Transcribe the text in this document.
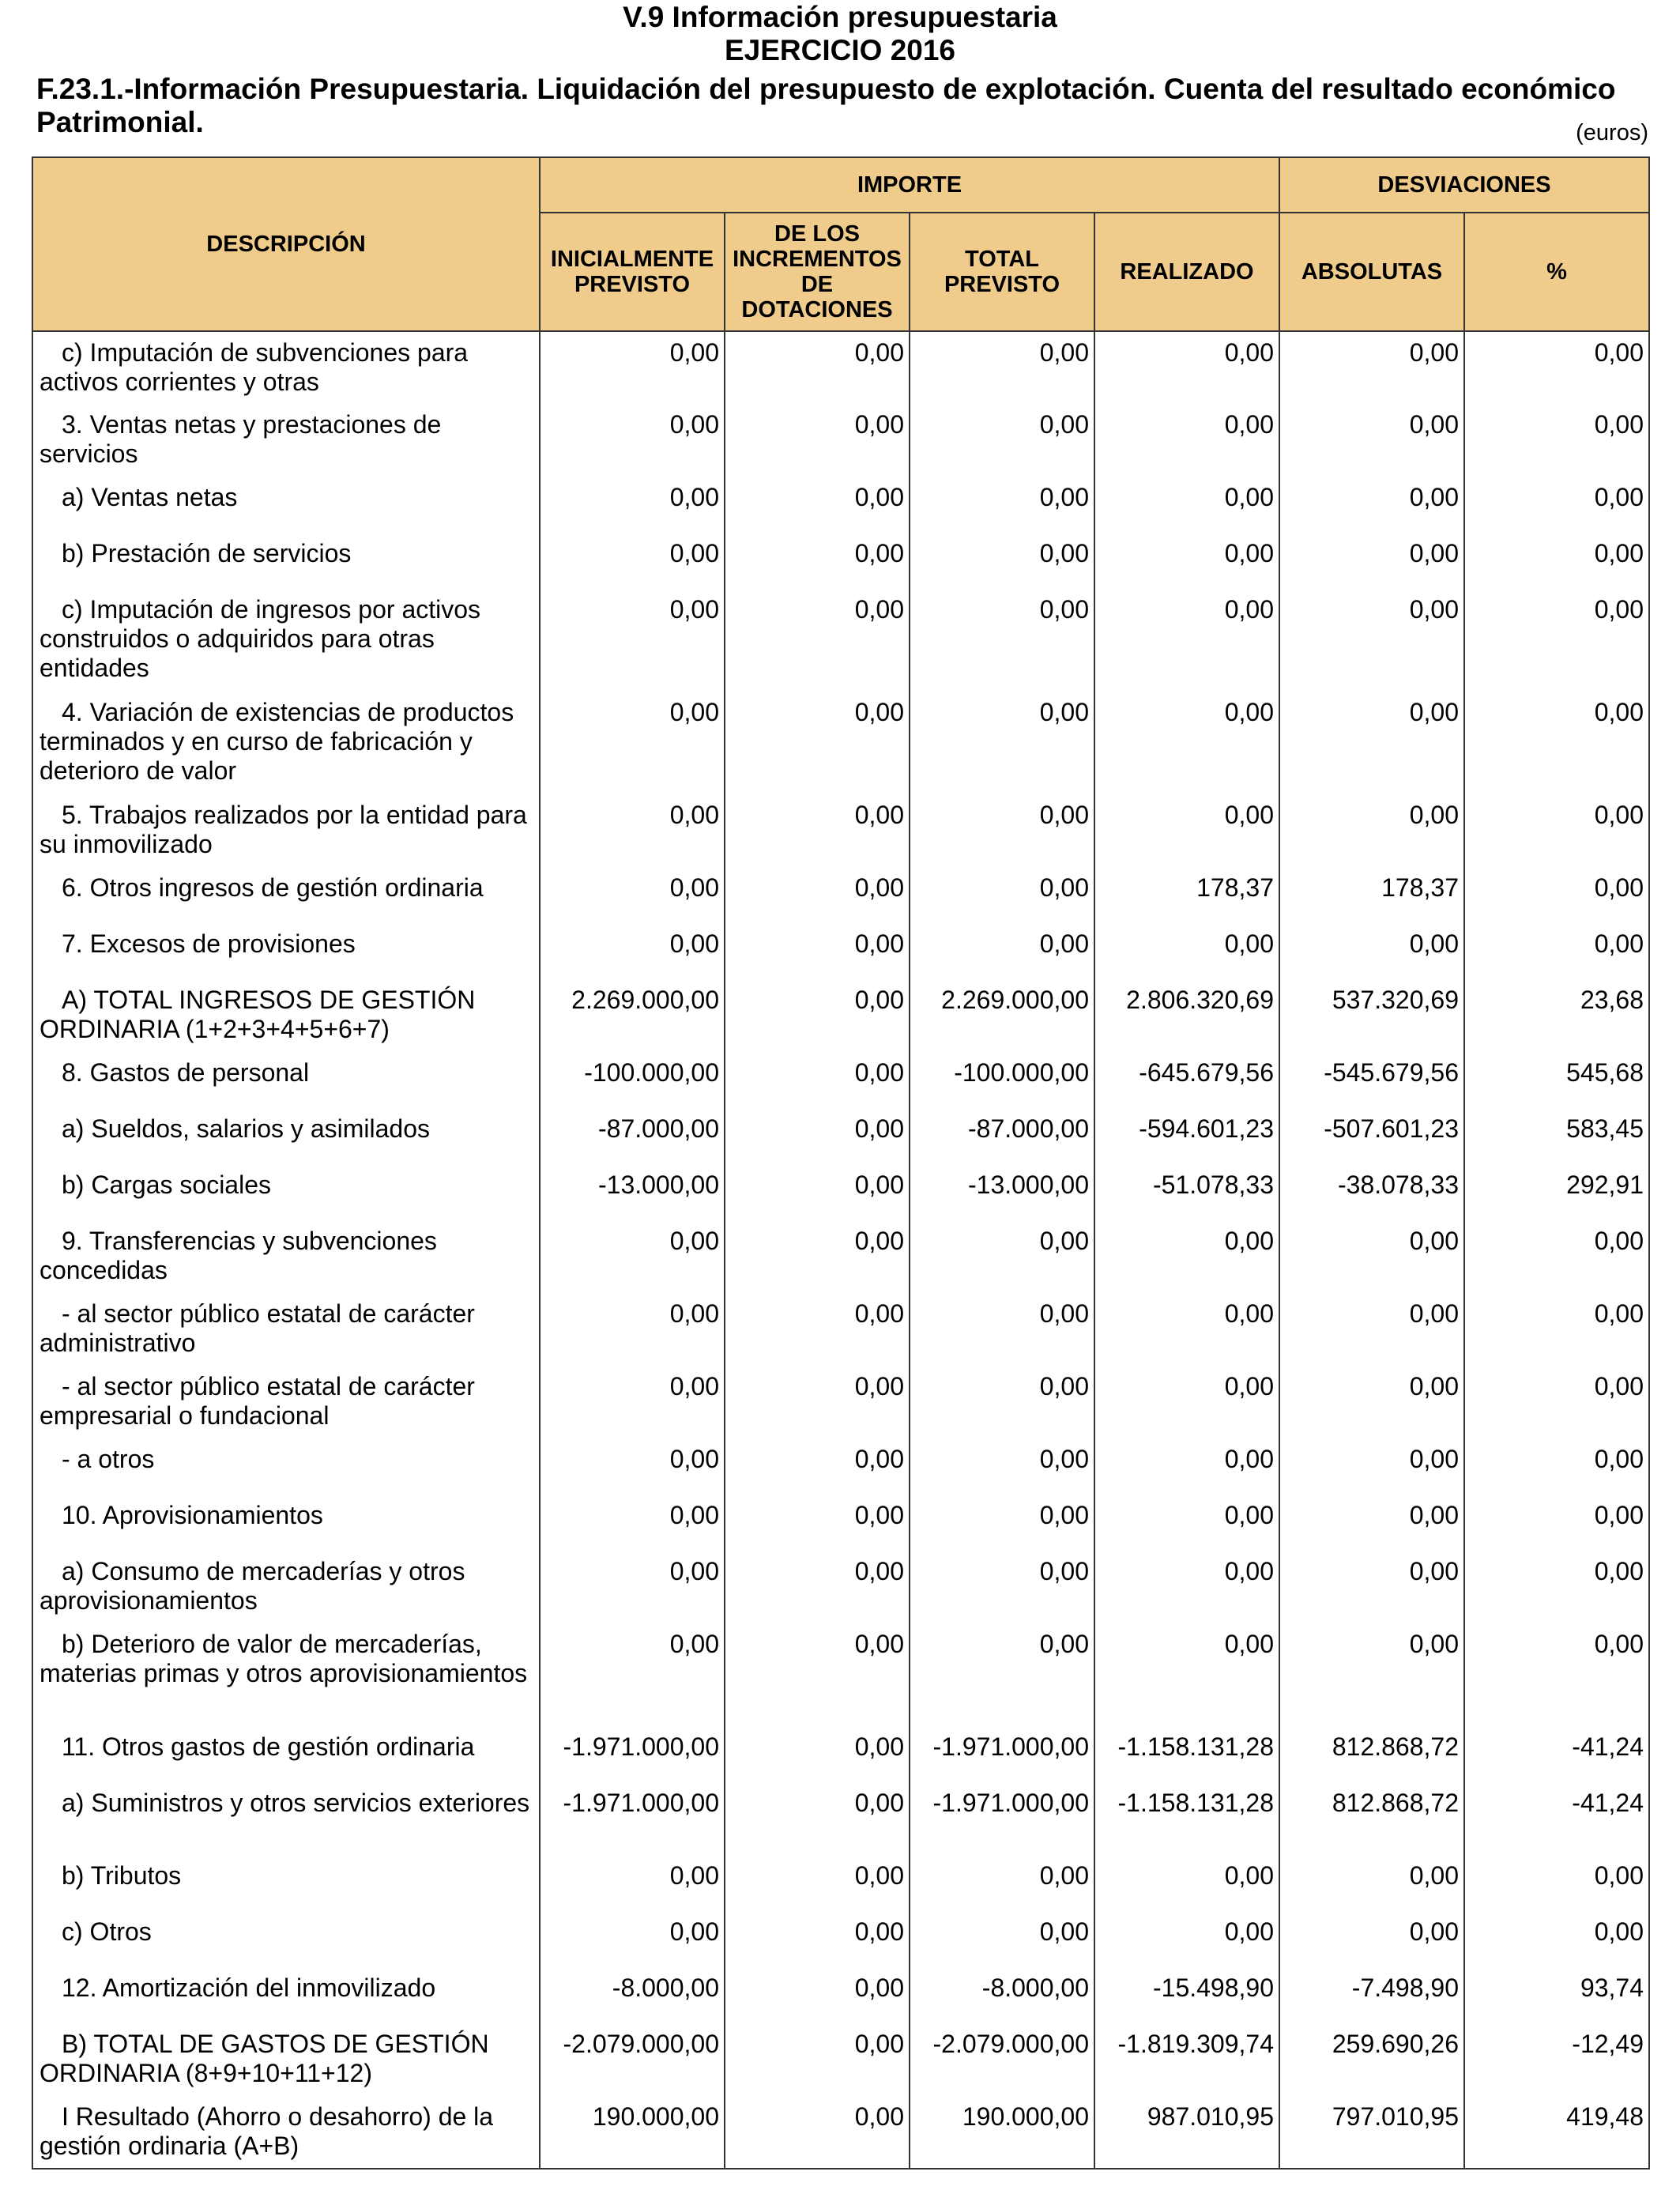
V.9 Información presupuestaria
EJERCICIO 2016
F.23.1.-Información Presupuestaria. Liquidación del presupuesto de explotación. Cuenta del resultado económico Patrimonial.	(euros)
DESCRIPCIÓN	IMPORTE				DESVIACIONES	
	INICIALMENTE PREVISTO	DE LOS INCREMENTOS DE DOTACIONES	TOTAL PREVISTO	REALIZADO	ABSOLUTAS	%
c) Imputación de subvenciones para activos corrientes y otras	0,00	0,00	0,00	0,00	0,00	0,00
3. Ventas netas y prestaciones de servicios	0,00	0,00	0,00	0,00	0,00	0,00
a) Ventas netas	0,00	0,00	0,00	0,00	0,00	0,00
b) Prestación de servicios	0,00	0,00	0,00	0,00	0,00	0,00
c) Imputación de ingresos por activos construidos o adquiridos para otras entidades	0,00	0,00	0,00	0,00	0,00	0,00
4. Variación de existencias de productos terminados y en curso de fabricación y deterioro de valor	0,00	0,00	0,00	0,00	0,00	0,00
5. Trabajos realizados por la entidad para su inmovilizado	0,00	0,00	0,00	0,00	0,00	0,00
6. Otros ingresos de gestión ordinaria	0,00	0,00	0,00	178,37	178,37	0,00
7. Excesos de provisiones	0,00	0,00	0,00	0,00	0,00	0,00
A) TOTAL INGRESOS DE GESTIÓN ORDINARIA (1+2+3+4+5+6+7)	2.269.000,00	0,00	2.269.000,00	2.806.320,69	537.320,69	23,68
8. Gastos de personal	-100.000,00	0,00	-100.000,00	-645.679,56	-545.679,56	545,68
a) Sueldos, salarios y asimilados	-87.000,00	0,00	-87.000,00	-594.601,23	-507.601,23	583,45
b) Cargas sociales	-13.000,00	0,00	-13.000,00	-51.078,33	-38.078,33	292,91
9. Transferencias y subvenciones concedidas	0,00	0,00	0,00	0,00	0,00	0,00
- al sector público estatal de carácter administrativo	0,00	0,00	0,00	0,00	0,00	0,00
- al sector público estatal de carácter empresarial o fundacional	0,00	0,00	0,00	0,00	0,00	0,00
- a otros	0,00	0,00	0,00	0,00	0,00	0,00
10. Aprovisionamientos	0,00	0,00	0,00	0,00	0,00	0,00
a) Consumo de mercaderías y otros aprovisionamientos	0,00	0,00	0,00	0,00	0,00	0,00
b) Deterioro de valor de mercaderías, materias primas y otros aprovisionamientos	0,00	0,00	0,00	0,00	0,00	0,00
11. Otros gastos de gestión ordinaria	-1.971.000,00	0,00	-1.971.000,00	-1.158.131,28	812.868,72	-41,24
a) Suministros y otros servicios exteriores	-1.971.000,00	0,00	-1.971.000,00	-1.158.131,28	812.868,72	-41,24
b) Tributos	0,00	0,00	0,00	0,00	0,00	0,00
c) Otros	0,00	0,00	0,00	0,00	0,00	0,00
12. Amortización del inmovilizado	-8.000,00	0,00	-8.000,00	-15.498,90	-7.498,90	93,74
B) TOTAL DE GASTOS DE GESTIÓN ORDINARIA (8+9+10+11+12)	-2.079.000,00	0,00	-2.079.000,00	-1.819.309,74	259.690,26	-12,49
I Resultado (Ahorro o desahorro) de la gestión ordinaria (A+B)	190.000,00	0,00	190.000,00	987.010,95	797.010,95	419,48
